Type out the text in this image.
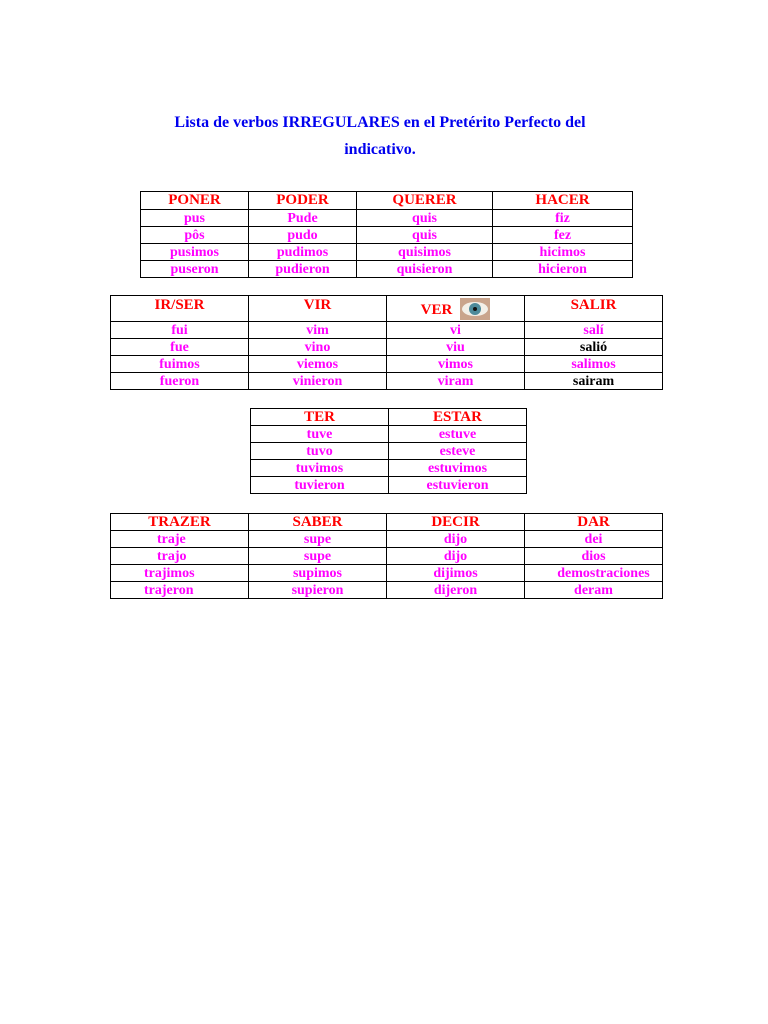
Lista de verbos IRREGULARES en el Pretérito Perfecto del
indicativo.
PONER	PODER	QUERER	HACER
pus	Pude	quis	fiz
pôs	pudo	quis	fez
pusimos	pudimos	quisimos	hicimos
puseron	pudieron	quisieron	hicieron
IR/SER	VIR	VER	SALIR
fui	vim	vi	salí
fue	vino	viu	salió
fuimos	viemos	vimos	salimos
fueron	vinieron	viram	sairam
TER	ESTAR
tuve	estuve
tuvo	esteve
tuvimos	estuvimos
tuvieron	estuvieron
TRAZER	SABER	DECIR	DAR
traje	supe	dijo	dei
trajo	supe	dijo	dios
trajimos	supimos	dijimos	demostraciones
trajeron	supieron	dijeron	deram
